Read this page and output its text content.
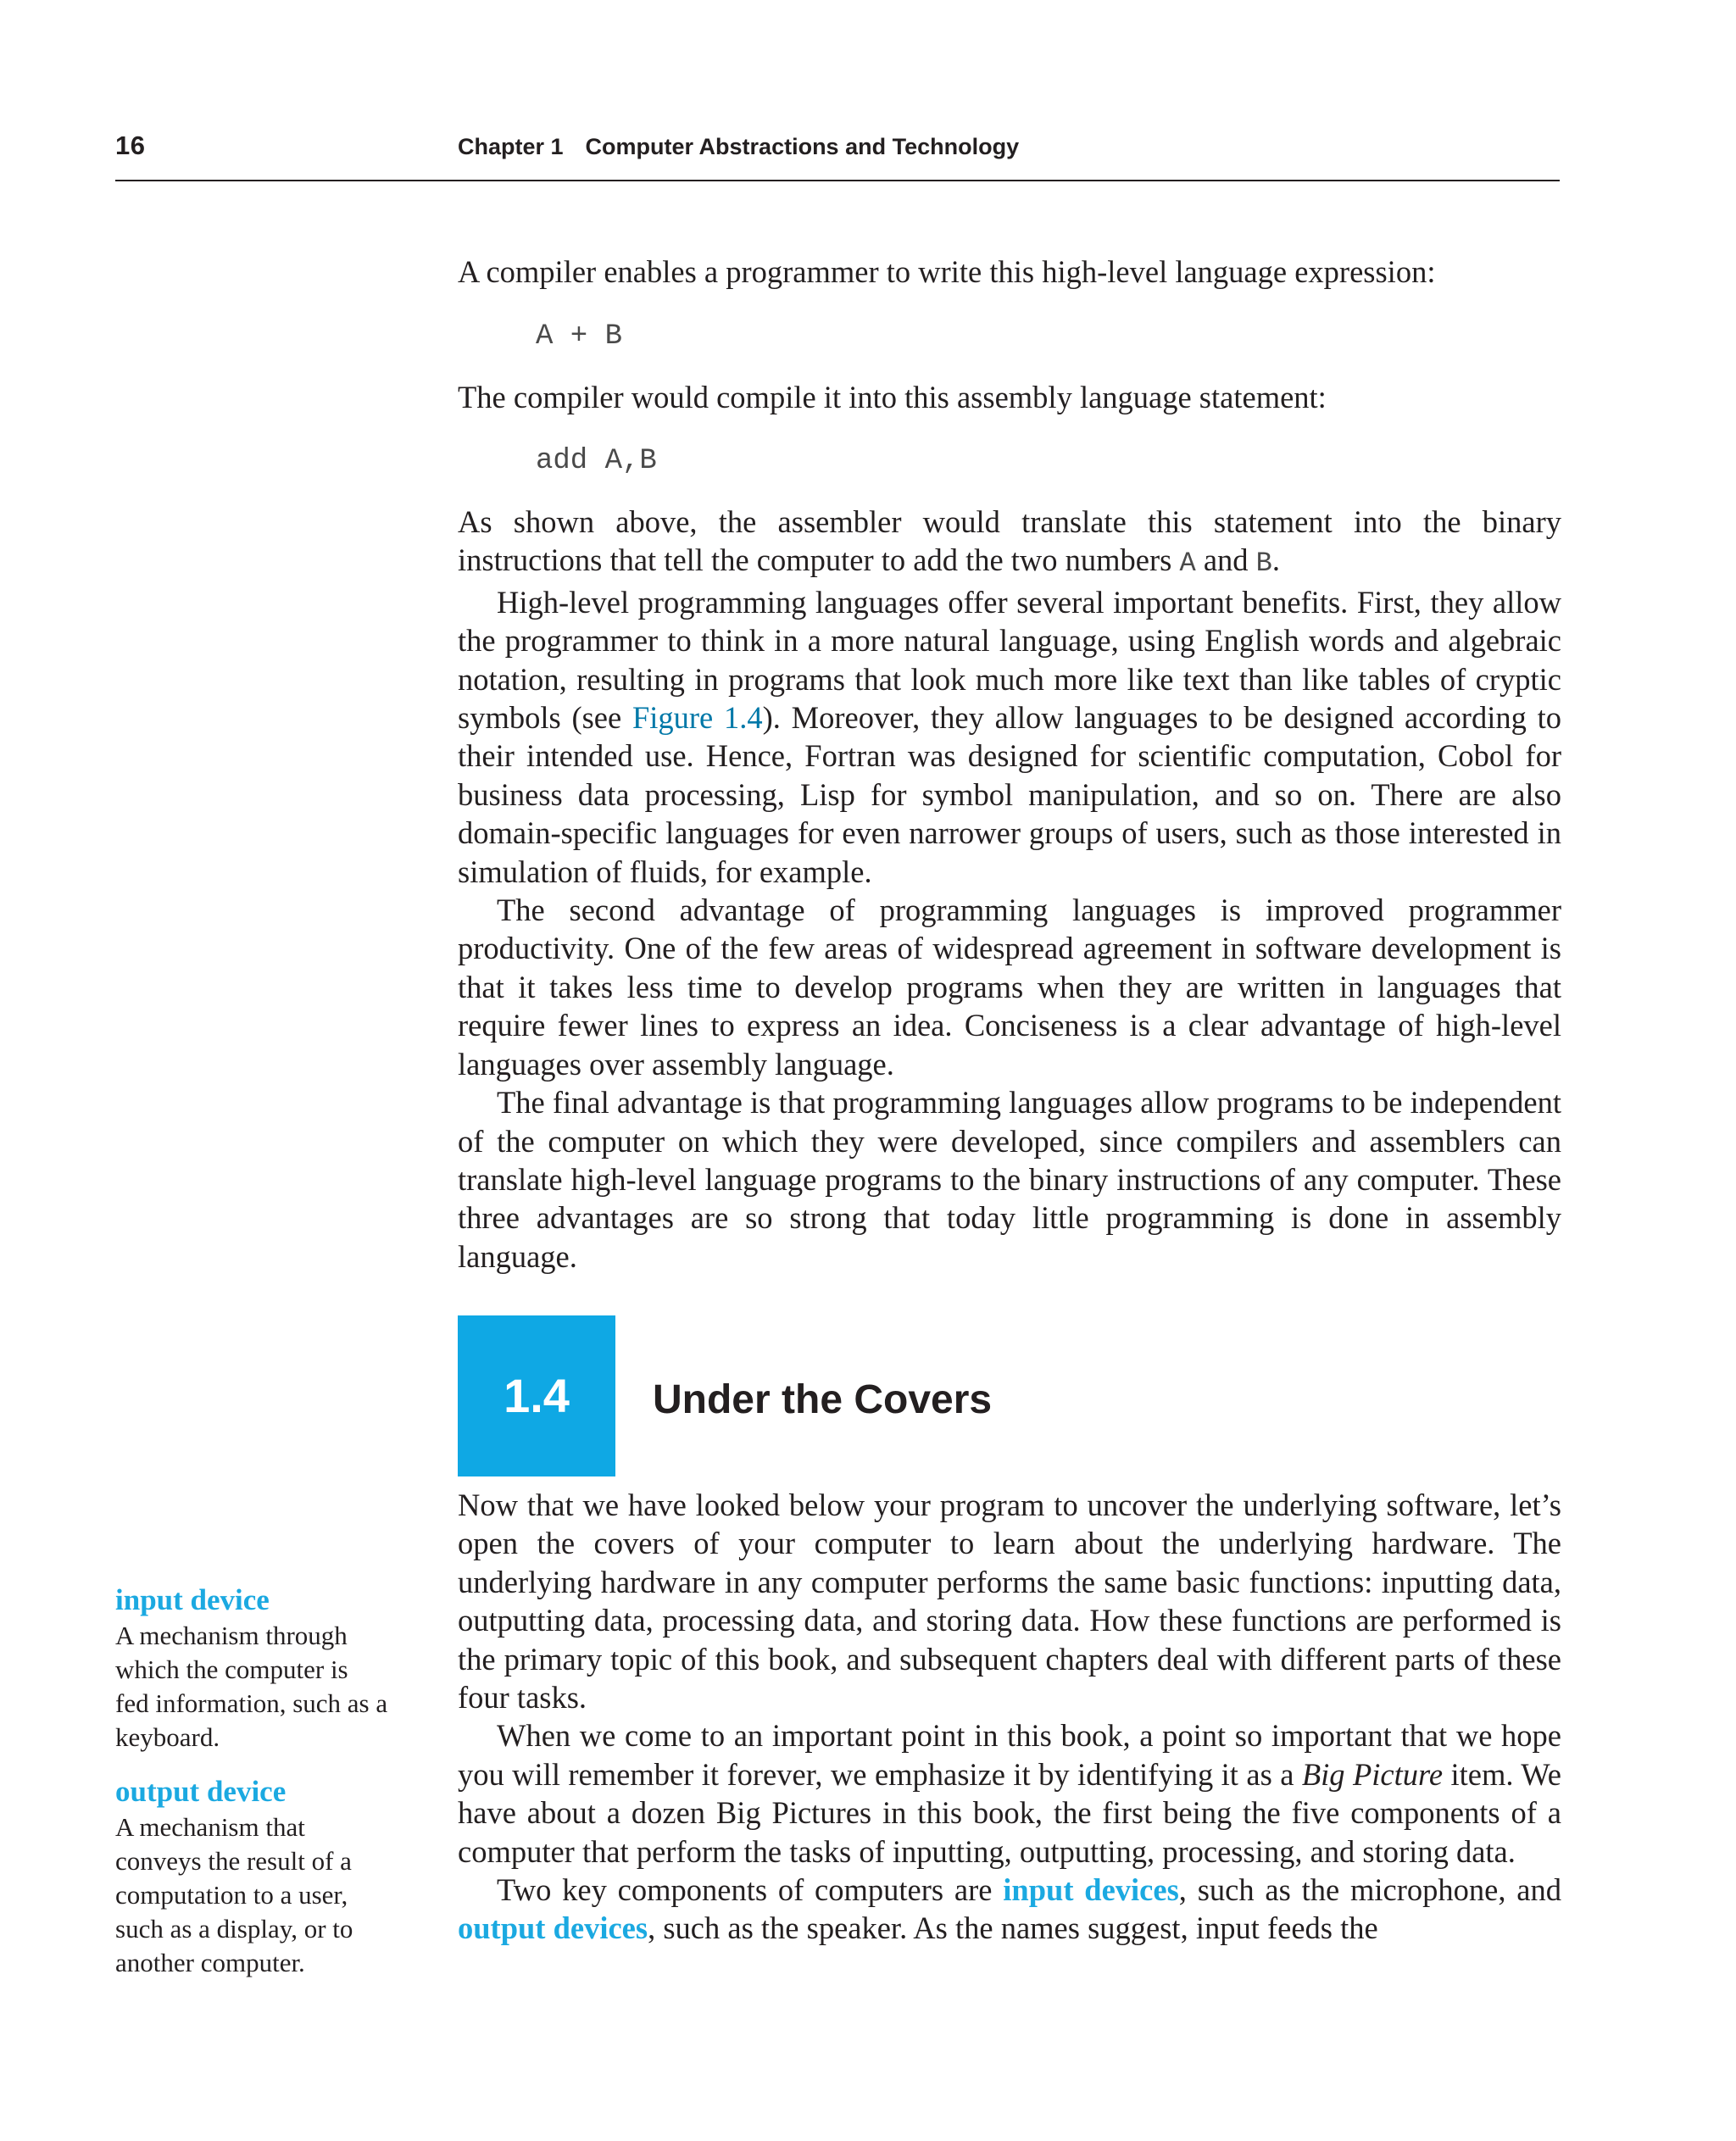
16	Chapter 1 Computer Abstractions and Technology

A compiler enables a programmer to write this high-level language expression:

A + B

The compiler would compile it into this assembly language statement:

add A,B

As shown above, the assembler would translate this statement into the binary instructions that tell the computer to add the two numbers A and B.

High-level programming languages offer several important benefits. First, they allow the programmer to think in a more natural language, using English words and algebraic notation, resulting in programs that look much more like text than like tables of cryptic symbols (see Figure 1.4). Moreover, they allow languages to be designed according to their intended use. Hence, Fortran was designed for scientific computation, Cobol for business data processing, Lisp for symbol manipulation, and so on. There are also domain-specific languages for even narrower groups of users, such as those interested in simulation of fluids, for example.

The second advantage of programming languages is improved programmer productivity. One of the few areas of widespread agreement in software development is that it takes less time to develop programs when they are written in languages that require fewer lines to express an idea. Conciseness is a clear advantage of high-level languages over assembly language.

The final advantage is that programming languages allow programs to be independent of the computer on which they were developed, since compilers and assemblers can translate high-level language programs to the binary instructions of any computer. These three advantages are so strong that today little programming is done in assembly language.

1.4	Under the Covers

Now that we have looked below your program to uncover the underlying software, let’s open the covers of your computer to learn about the underlying hardware. The underlying hardware in any computer performs the same basic functions: inputting data, outputting data, processing data, and storing data. How these functions are performed is the primary topic of this book, and subsequent chapters deal with different parts of these four tasks.

When we come to an important point in this book, a point so important that we hope you will remember it forever, we emphasize it by identifying it as a Big Picture item. We have about a dozen Big Pictures in this book, the first being the five components of a computer that perform the tasks of inputting, outputting, processing, and storing data.

Two key components of computers are input devices, such as the microphone, and output devices, such as the speaker. As the names suggest, input feeds the

input device
A mechanism through
which the computer is
fed information, such as a
keyboard.
output device
A mechanism that
conveys the result of a
computation to a user,
such as a display, or to
another computer.
